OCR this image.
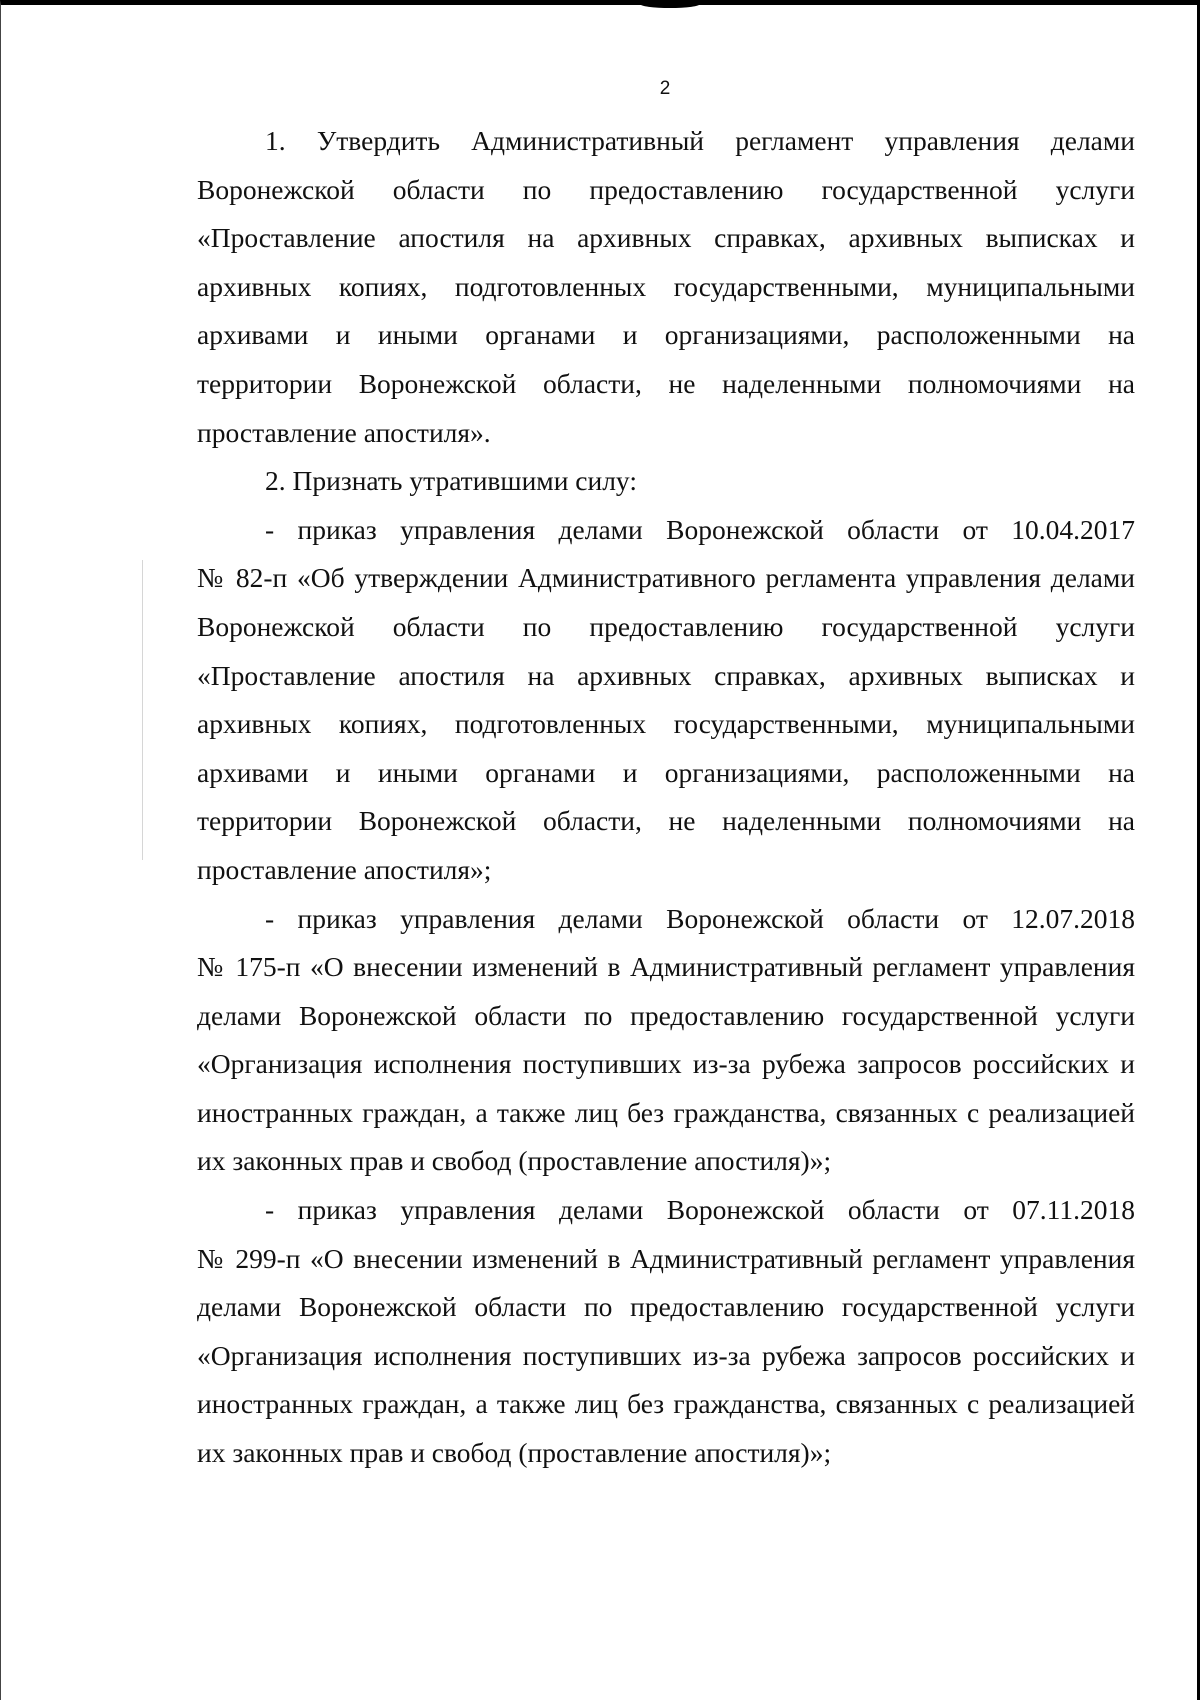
2

1. Утвердить Административный регламент управления делами
Воронежской области по предоставлению государственной услуги
«Проставление апостиля на архивных справках, архивных выписках и
архивных копиях, подготовленных государственными, муниципальными
архивами и иными органами и организациями, расположенными на
территории Воронежской области, не наделенными полномочиями на
проставление апостиля».

2. Признать утратившими силу:

- приказ управления делами Воронежской области от 10.04.2017
№ 82-п «Об утверждении Административного регламента управления делами
Воронежской области по предоставлению государственной услуги
«Проставление апостиля на архивных справках, архивных выписках и
архивных копиях, подготовленных государственными, муниципальными
архивами и иными органами и организациями, расположенными на
территории Воронежской области, не наделенными полномочиями на
проставление апостиля»;

- приказ управления делами Воронежской области от 12.07.2018
№ 175-п «О внесении изменений в Административный регламент управления
делами Воронежской области по предоставлению государственной услуги
«Организация исполнения поступивших из-за рубежа запросов российских и
иностранных граждан, а также лиц без гражданства, связанных с реализацией
их законных прав и свобод (проставление апостиля)»;

- приказ управления делами Воронежской области от 07.11.2018
№ 299-п «О внесении изменений в Административный регламент управления
делами Воронежской области по предоставлению государственной услуги
«Организация исполнения поступивших из-за рубежа запросов российских и
иностранных граждан, а также лиц без гражданства, связанных с реализацией
их законных прав и свобод (проставление апостиля)»;
